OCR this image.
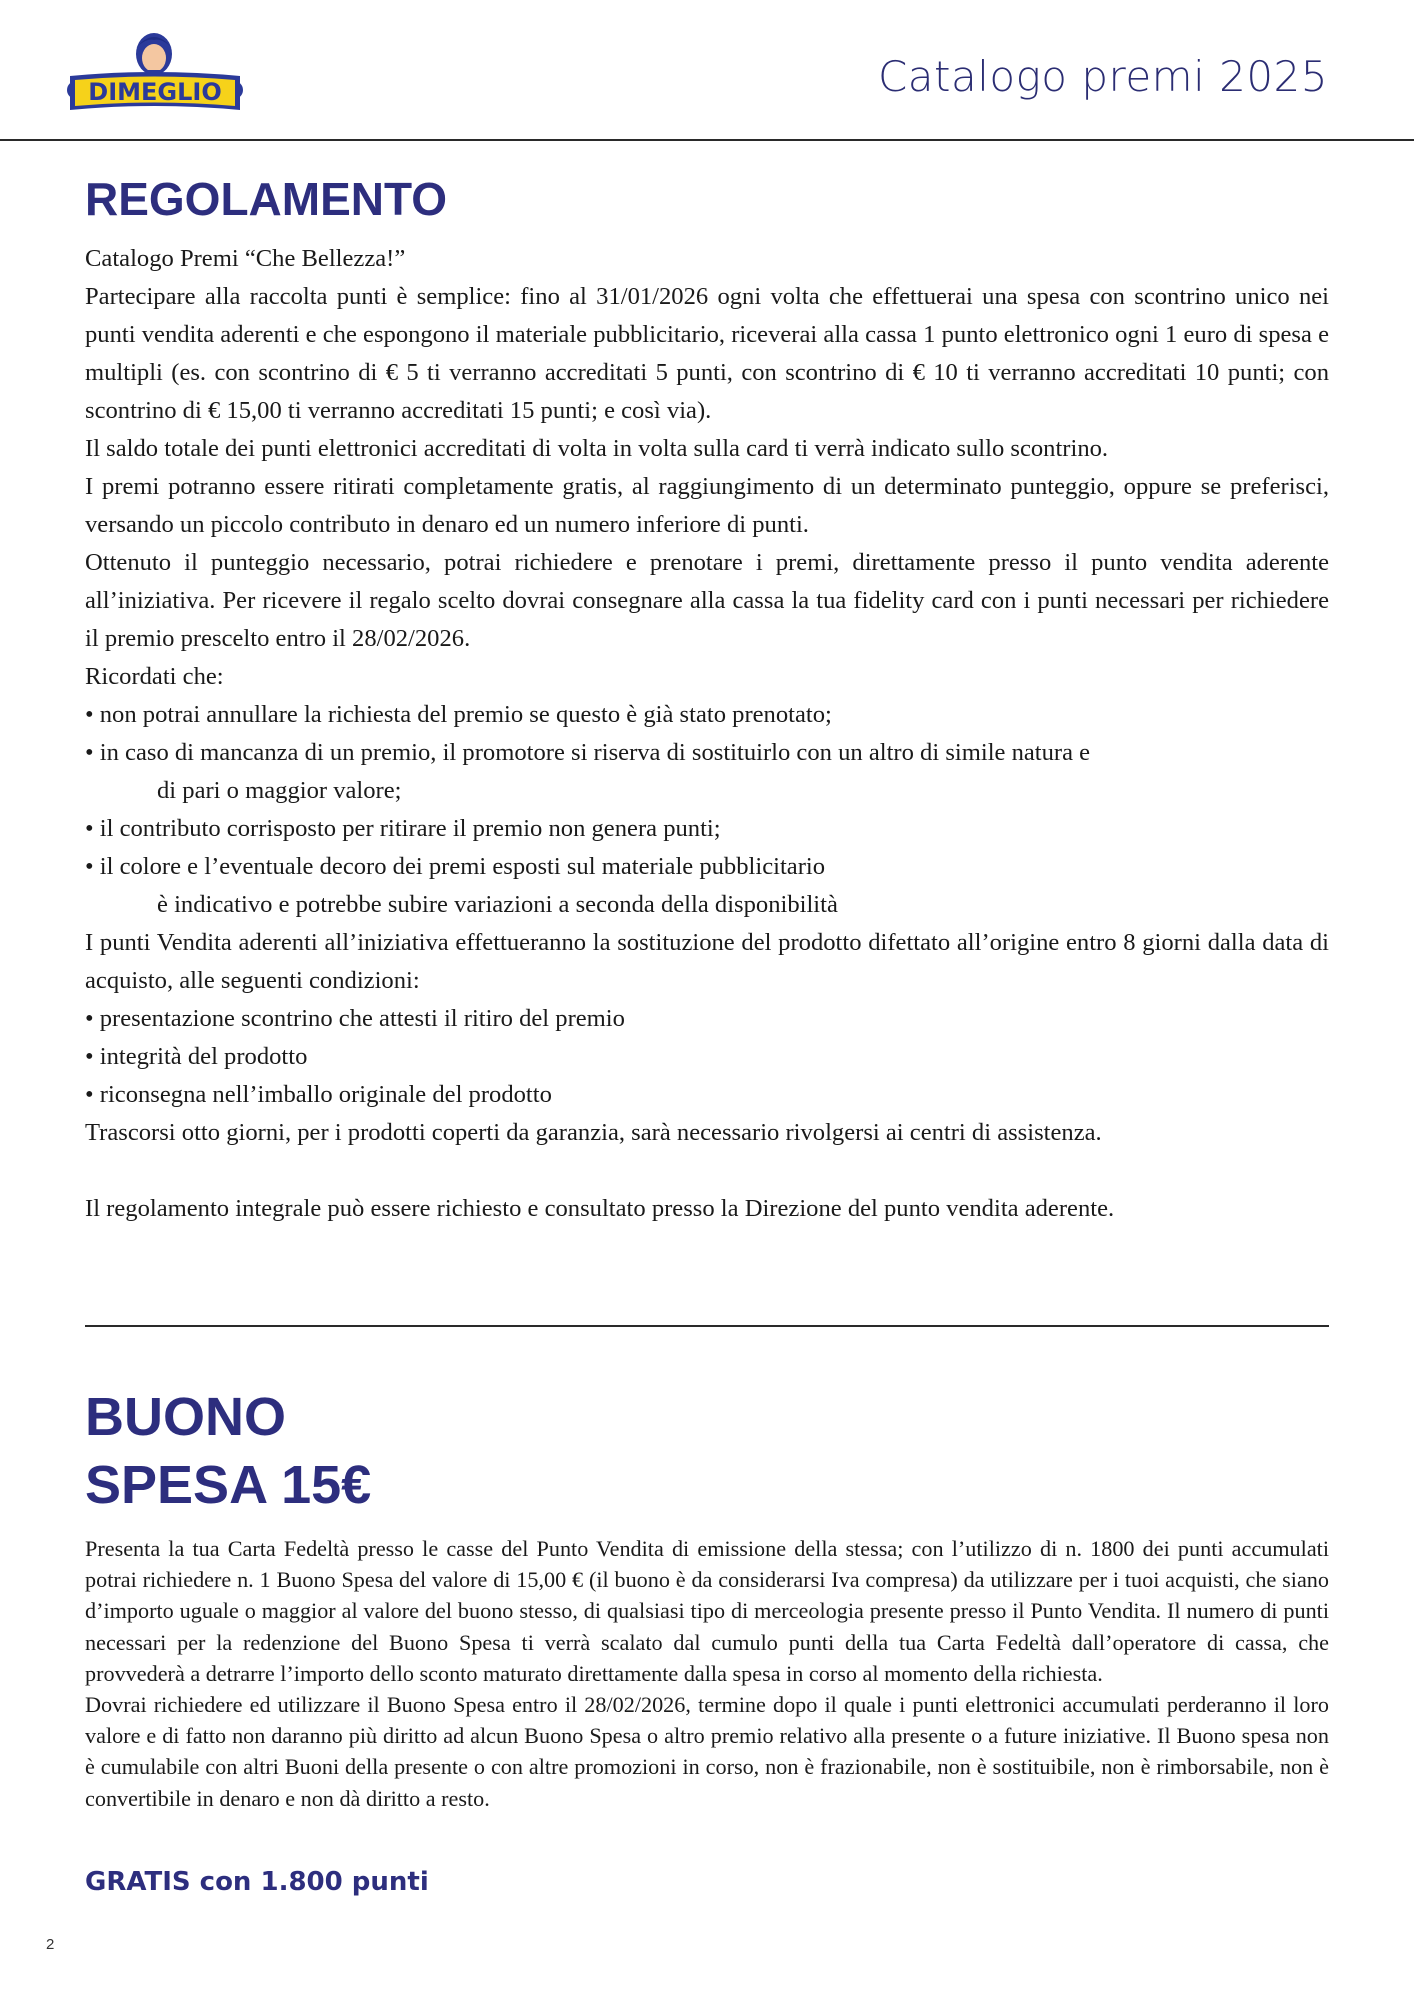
DIMEGLIO	Catalogo premi 2025
REGOLAMENTO

Catalogo Premi “Che Bellezza!”

Partecipare alla raccolta punti è semplice: fino al 31/01/2026 ogni volta che effettuerai una spesa con scontrino unico nei punti vendita aderenti e che espongono il materiale pubblicitario, riceverai alla cassa 1 punto elettronico ogni 1 euro di spesa e multipli (es. con scontrino di € 5 ti verranno accreditati 5 punti, con scontrino di € 10 ti verranno accreditati 10 punti; con scontrino di € 15,00 ti verranno accreditati 15 punti; e così via).

Il saldo totale dei punti elettronici accreditati di volta in volta sulla card ti verrà indicato sullo scontrino.

I premi potranno essere ritirati completamente gratis, al raggiungimento di un determinato punteggio, oppure se preferisci, versando un piccolo contributo in denaro ed un numero inferiore di punti.

Ottenuto il punteggio necessario, potrai richiedere e prenotare i premi, direttamente presso il punto vendita aderente all’iniziativa. Per ricevere il regalo scelto dovrai consegnare alla cassa la tua fidelity card con i punti necessari per richiedere il premio prescelto entro il 28/02/2026.

Ricordati che:

• non potrai annullare la richiesta del premio se questo è già stato prenotato;

• in caso di mancanza di un premio, il promotore si riserva di sostituirlo con un altro di simile natura e

di pari o maggior valore;

• il contributo corrisposto per ritirare il premio non genera punti;

• il colore e l’eventuale decoro dei premi esposti sul materiale pubblicitario

è indicativo e potrebbe subire variazioni a seconda della disponibilità

I punti Vendita aderenti all’iniziativa effettueranno la sostituzione del prodotto difettato all’origine entro 8 giorni dalla data di acquisto, alle seguenti condizioni:

• presentazione scontrino che attesti il ritiro del premio

• integrità del prodotto

• riconsegna nell’imballo originale del prodotto

Trascorsi otto giorni, per i prodotti coperti da garanzia, sarà necessario rivolgersi ai centri di assistenza.

Il regolamento integrale può essere richiesto e consultato presso la Direzione del punto vendita aderente.

BUONO
SPESA 15€

Presenta la tua Carta Fedeltà presso le casse del Punto Vendita di emissione della stessa; con l’utilizzo di n. 1800 dei punti accumulati potrai richiedere n. 1 Buono Spesa del valore di 15,00 € (il buono è da considerarsi Iva compresa) da utilizzare per i tuoi acquisti, che siano d’importo uguale o maggior al valore del buono stesso, di qualsiasi tipo di merceologia presente presso il Punto Vendita. Il numero di punti necessari per la redenzione del Buono Spesa ti verrà scalato dal cumulo punti della tua Carta Fedeltà dall’operatore di cassa, che provvederà a detrarre l’importo dello sconto maturato direttamente dalla spesa in corso al momento della richiesta.

Dovrai richiedere ed utilizzare il Buono Spesa entro il 28/02/2026, termine dopo il quale i punti elettronici accumulati perderanno il loro valore e di fatto non daranno più diritto ad alcun Buono Spesa o altro premio relativo alla presente o a future iniziative. Il Buono spesa non è cumulabile con altri Buoni della presente o con altre promozioni in corso, non è frazionabile, non è sostituibile, non è rimborsabile, non è convertibile in denaro e non dà diritto a resto.

GRATIS con 1.800 punti
2
